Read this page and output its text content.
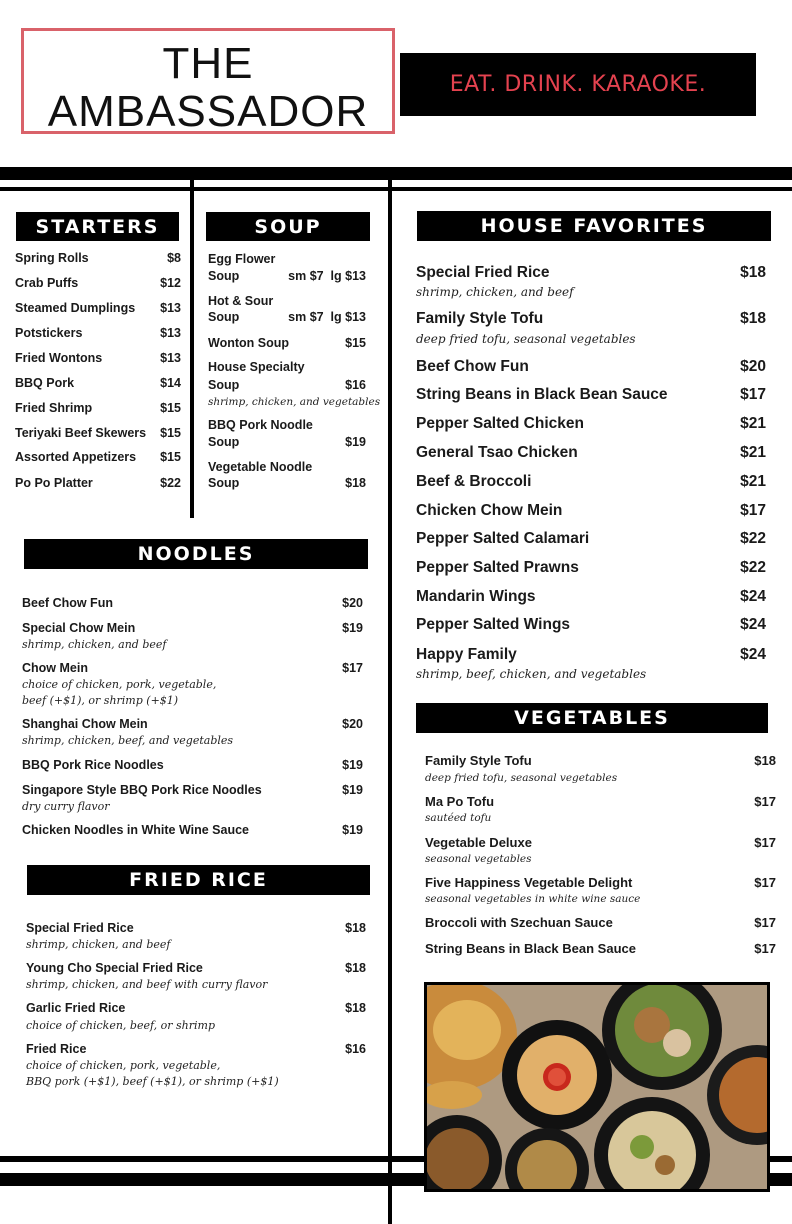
THE
AMBASSADOR
EAT. DRINK. KARAOKE.
STARTERS
Spring Rolls	$8
Crab Puffs	$12
Steamed Dumplings $13
Potstickers	$13
Fried Wontons	$13
BBQ Pork	$14
Fried Shrimp	$15
Teriyaki Beef Skewers $15
Assorted Appetizers $15
Po Po Platter	$22
SOUP
Egg Flower
Soup	sm $7  lg $13
Hot & Sour
Soup	sm $7  lg $13
Wonton Soup	$15
House Specialty
Soup	$16
shrimp, chicken, and vegetables
BBQ Pork Noodle
Soup	$19
Vegetable Noodle
Soup	$18
NOODLES
Beef Chow Fun	$20
Special Chow Mein	$19
shrimp, chicken, and beef
Chow Mein	$17
choice of chicken, pork, vegetable,
beef (+$1), or shrimp (+$1)
Shanghai Chow Mein	$20
shrimp, chicken, beef, and vegetables
BBQ Pork Rice Noodles	$19
Singapore Style BBQ Pork Rice Noodles	$19
dry curry flavor
Chicken Noodles in White Wine Sauce	$19
FRIED RICE
Special Fried Rice	$18
shrimp, chicken, and beef
Young Cho Special Fried Rice	$18
shrimp, chicken, and beef with curry flavor
Garlic Fried Rice	$18
choice of chicken, beef, or shrimp
Fried Rice	$16
choice of chicken, pork, vegetable,
BBQ pork (+$1), beef (+$1), or shrimp (+$1)
HOUSE FAVORITES
Special Fried Rice	$18
shrimp, chicken, and beef
Family Style Tofu	$18
deep fried tofu, seasonal vegetables
Beef Chow Fun	$20
String Beans in Black Bean Sauce	$17
Pepper Salted Chicken	$21
General Tsao Chicken	$21
Beef & Broccoli	$21
Chicken Chow Mein	$17
Pepper Salted Calamari	$22
Pepper Salted Prawns	$22
Mandarin Wings	$24
Pepper Salted Wings	$24
Happy Family	$24
shrimp, beef, chicken, and vegetables
VEGETABLES
Family Style Tofu	$18
deep fried tofu, seasonal vegetables
Ma Po Tofu	$17
sautéed tofu
Vegetable Deluxe	$17
seasonal vegetables
Five Happiness Vegetable Delight	$17
seasonal vegetables in white wine sauce
Broccoli with Szechuan Sauce	$17
String Beans in Black Bean Sauce	$17
